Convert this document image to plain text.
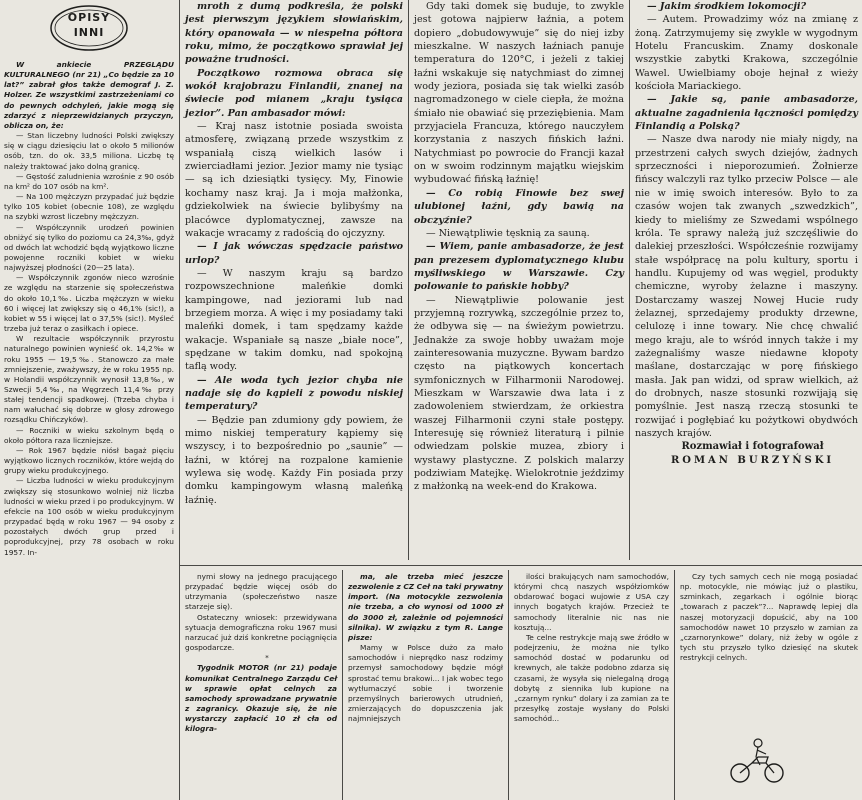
OPISY
INNI

W ankiecie PRZEGLĄDU KULTURALNEGO (nr 21) „Co będzie za 10 lat?” zabrał głos także demograf J. Z. Holzer. Ze wszystkimi zastrzeżeniami co do pewnych odchyleń, jakie mogą się zdarzyć z nieprzewidzianych przyczyn, obliczа on, że:

— Stan liczebny ludności Polski zwiększy się w ciągu dziesięciu lat o około 5 milionów osób, tzn. do ok. 33,5 miliona. Liczbę tę należy traktować jako dolną granicę.

— Gęstość zaludnienia wzrośnie z 90 osób na km² do 107 osób na km².

— Na 100 mężczyzn przypadać już będzie tylko 105 kobiet (obecnie 108), ze względu na szybki wzrost liczebny mężczyzn.

— Współczynnik urodzeń powinien obniżyć się tylko do poziomu ca 24,3‰, gdyż od dwóch lat wchodzić będą wyjątkowo liczne powojenne roczniki kobiet w wieku najwyższej płodności (20—25 lata).

— Współczynnik zgonów nieco wzrośnie ze względu na starzenie się społeczeństwa do około 10,1‰. Liczba mężczyzn w wieku 60 i więcej lat zwiększy się o 46,1% (sic!), a kobiet w 55 i więcej lat o 37,5% (sic!). Myśleć trzeba już teraz o zasiłkach i opiece.

W rezultacie współczynnik przyrostu naturalnego powinien wynieść ok. 14,2‰ w roku 1955 — 19,5‰. Stanowczo za małe zmniejszenie, zważywszy, że w roku 1955 np. w Holandii współczynnik wynosił 13,8‰, w Szwecji 5,4‰, na Węgrzech 11,4‰ przy stałej tendencji spadkowej. (Trzeba chyba i nam wałuchać się dobrze w głosy zdrowego rozsądku Chińczyków).

— Roczniki w wieku szkolnym będą o około półtora raza liczniejsze.

— Rok 1967 będzie niósł bagaż pięciu wyjątkowo licznych roczników, które wejdą do grupy wieku produkcyjnego.

— Liczba ludności w wieku produkcyjnym zwiększy się stosunkowo wolniej niż liczba ludności w wieku przed i po produkcyjnym. W efekcie na 100 osób w wieku produkcyjnym przypadać będą w roku 1967 — 94 osoby z pozostałych dwóch grup przed i poprodukcyjnej, przy 78 osobach w roku 1957. In-

mroth z dumą podkreśla, że polski jest pierwszym językiem słowiańskim, który opanowała — w niespełna półtora roku, mimo, że początkowo sprawiał jej poważne trudności.

Początkowo rozmowa obraca się wokół krajobrazu Finlandii, znanej na świecie pod mianem „kraju tysiąca jezior”. Pan ambasador mówi:

— Kraj nasz istotnie posiada swoista atmosferę, związaną przede wszystkim z wspaniałą ciszą wielkich lasów i zwierciadłami jezior. Jezior mamy nie tysiąc — są ich dziesiątki tysięcy. My, Finowie kochamy nasz kraj. Ja i moja małżonka, gdziekolwiek na świecie bylibyśmy na placówce dyplomatycznej, zawsze na wakacje wracamy z radością do ojczyzny.

— I jak wówczas spędzacie państwo urlop?

— W naszym kraju są bardzo rozpowszechnione maleńkie domki kampingowe, nad jeziorami lub nad brzegiem morza. A więc i my posiadamy taki maleńki domek, i tam spędzamy każde wakacje. Wspaniałe są nasze „białe noce”, spędzane w takim domku, nad spokojną taflą wody.

— Ale woda tych jezior chyba nie nadaje się do kąpieli z powodu niskiej temperatury?

— Będzie pan zdumiony gdy powiem, że mimo niskiej temperatury kąpiemy się wszyscy, i to bezpośrednio po „saunie” — łaźni, w której na rozpalone kamienie wylewa się wodę. Każdy Fin posiada przy domku kampingowym własną maleńką łaźnię.

Gdy taki domek się buduje, to zwykle jest gotowa najpierw łaźnia, a potem dopiero „dobudowywuje” się do niej izby mieszkalne. W naszych łaźniach panuje temperatura do 120°C, i jeżeli z takiej łaźni wskakuje się natychmiast do zimnej wody jeziora, posiada się tak wielki zasób nagromadzonego w ciele ciepła, że można śmiało nie obawiać się przeziębienia. Mam przyjaciela Francuza, którego nauczyłem korzystania z naszych fińskich łaźni. Natychmiast po powrocie do Francji kazał on w swoim rodzinnym majątku wiejskim wybudować fińską łaźnię!

— Co robią Finowie bez swej ulubionej łaźni, gdy bawią na obczyźnie?

— Niewątpliwie tęsknią za sauną.

— Wiem, panie ambasadorze, że jest pan prezesem dyplomatycznego klubu myśliwskiego w Warszawie. Czy polowanie to pańskie hobby?

— Niewątpliwie polowanie jest przyjemną rozrywką, szczególnie przez to, że odbywa się — na świeżym powietrzu. Jednakże za swoje hobby uważam moje zainteresowania muzyczne. Bywam bardzo często na piątkowych koncertach symfonicznych w Filharmonii Narodowej. Mieszkam w Warszawie dwa lata i z zadowoleniem stwierdzam, że orkiestra waszej Filharmonii czyni stałe postępy. Interesuję się również literaturą i pilnie odwiedzam polskie muzea, zbiory i wystawy plastyczne. Z polskich malarzy podziwiam Matejkę. Wielokrotnie jeździmy z małżonką na week-end do Krakowa.

— Jakim środkiem lokomocji?

— Autem. Prowadzimy wóz na zmianę z żoną. Zatrzymujemy się zwykle w wygodnym Hotelu Francuskim. Znamy doskonale wszystkie zabytki Krakowa, szczególnie Wawel. Uwielbiamy obojе hejnał z wieży kościoła Mariackiego.

— Jakie są, panie ambasadorze, aktualne zagadnienia łączności pomiędzy Finlandią a Polską?

— Nasze dwa narody nie miały nigdy, na przestrzeni całych swych dziejów, żadnych sprzeczności i nieporozumień. Żołnierze fińscy walczyli raz tylko przeciw Polsce — ale nie w imię swoich interesów. Było to za czasów wojen tak zwanych „szwedzkich”, kiedy to mieliśmy ze Szwedami wspólnego króla. Te sprawy należą już szczęśliwie do dalekiej przeszłości. Współcześnie rozwijamy stałe współpracę na polu kultury, sportu i handlu. Kupujemy od was węgiel, produkty chemiczne, wyroby żelazne i maszyny. Dostarczamy waszej Nowej Hucie rudy żelaznej, sprzedajemy produkty drzewne, celulozę i inne towary. Nie chcę chwalić mego kraju, ale to wśród innych także i my zażegnaliśmy wasze niedawne kłopoty maślane, dostarczając w porę fińskiego masła. Jak pan widzi, od spraw wielkich, aż do drobnych, nasze stosunki rozwijają się pomyślnie. Jest naszą rzeczą stosunki te rozwijać i pogłębiać ku pożytkowi obydwóch naszych krajów.

Rozmawiał i fotografował

ROMAN BURZYŃSKI

nymi słowy na jednego pracującego przypadać będzie więcej osób do utrzymania (społeczeństwo nasze starzeje się).

Ostateczny wniosek: przewidywana sytuacja demograficzna roku 1967 musi narzucać już dziś konkretne pociągnięcia gospodarcze.

*

Tygodnik MOTOR (nr 21) podaje komunikat Centralnego Zarządu Ceł w sprawie opłat celnych za samochody sprowadzane prywatnie z zagranicy. Okazuje się, że nie wystarczy zapłacić 10 zł cła od kilogra-

ma, ale trzeba mieć jeszcze zezwolenie z CZ Ceł na taki prywatny import. (Na motocykle zezwolenia nie trzeba, a cło wynosi od 1000 zł do 3000 zł, zależnie od pojemności silnika). W związku z tym R. Lange pisze:

Mamy w Polsce dużo za mało samochodów i nieprędko nasz rodzimy przemysł samochodowy będzie mógł sprostać temu brakowi... I jak wobec tego wytłumaczyć sobie i tworzenie przemyślnych barierowych utrudnień, zmierzających do dopuszczenia jak najmniejszych

ilości brakujących nam samochodów, którymi chcą naszych współziomków obdarować bogaci wujowie z USA czy innych bogatych krajów. Przecież te samochody literalnie nic nas nie kosztują...

Te celne restrykcje mają swe źródło w podejrzeniu, że można nie tylko samochód dostać w podarunku od krewnych, ale także podobno zdarza się czasami, że wysyła się nielegalną drogą dobytę z siennika lub kupione na „czarnym rynku” dolary i za zamian za te przesyłkę zostaje wysłany do Polski samochód...

Czy tych samych cech nie mogą posiadać np. motocykle, nie mówiąc już o plastiku, szminkach, zegarkach i ogólnie biorąc „towarach z paczek”?... Naprawdę lepiej dla naszej motoryzacji dopuścić, aby na 100 samochodów nawet 10 przyszło w zamian za „czarnorynkowe” dolary, niż żeby w ogóle z tych stu przyszło tylko dziesięć na skutek restrykcji celnych.
